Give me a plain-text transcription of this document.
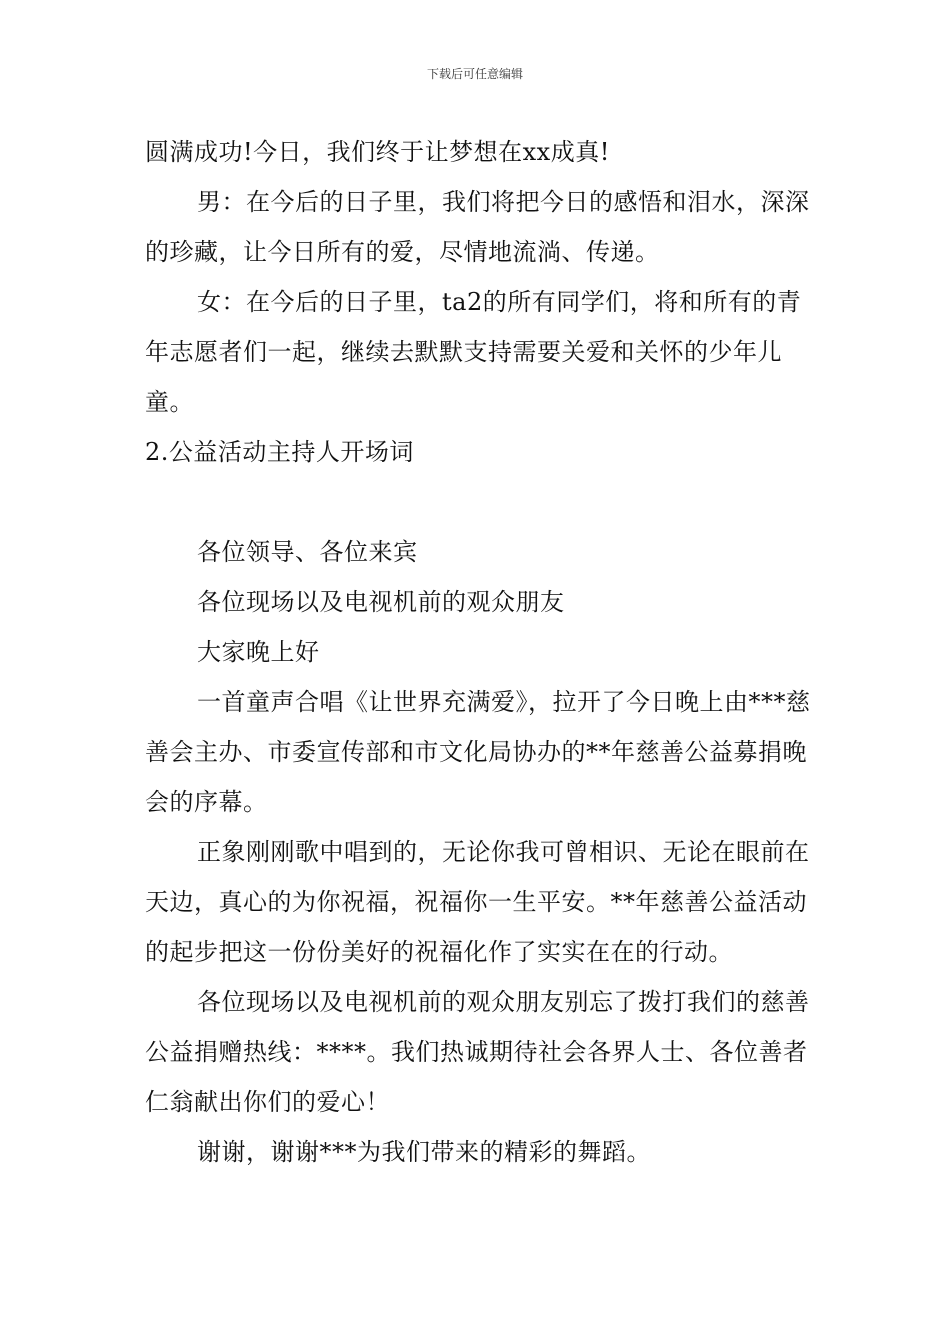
下载后可任意编辑

圆满成功!今日，我们终于让梦想在xx成真!

男：在今后的日子里，我们将把今日的感悟和泪水，深深的珍藏，让今日所有的爱，尽情地流淌、传递。

女：在今后的日子里，ta2的所有同学们，将和所有的青年志愿者们一起，继续去默默支持需要关爱和关怀的少年儿童。

2.公益活动主持人开场词

各位领导、各位来宾

各位现场以及电视机前的观众朋友

大家晚上好

一首童声合唱《让世界充满爱》，拉开了今日晚上由***慈善会主办、市委宣传部和市文化局协办的**年慈善公益募捐晚会的序幕。

正象刚刚歌中唱到的，无论你我可曾相识、无论在眼前在天边，真心的为你祝福，祝福你一生平安。**年慈善公益活动的起步把这一份份美好的祝福化作了实实在在的行动。

各位现场以及电视机前的观众朋友别忘了拨打我们的慈善公益捐赠热线：****。我们热诚期待社会各界人士、各位善者仁翁献出你们的爱心！

谢谢，谢谢***为我们带来的精彩的舞蹈。
